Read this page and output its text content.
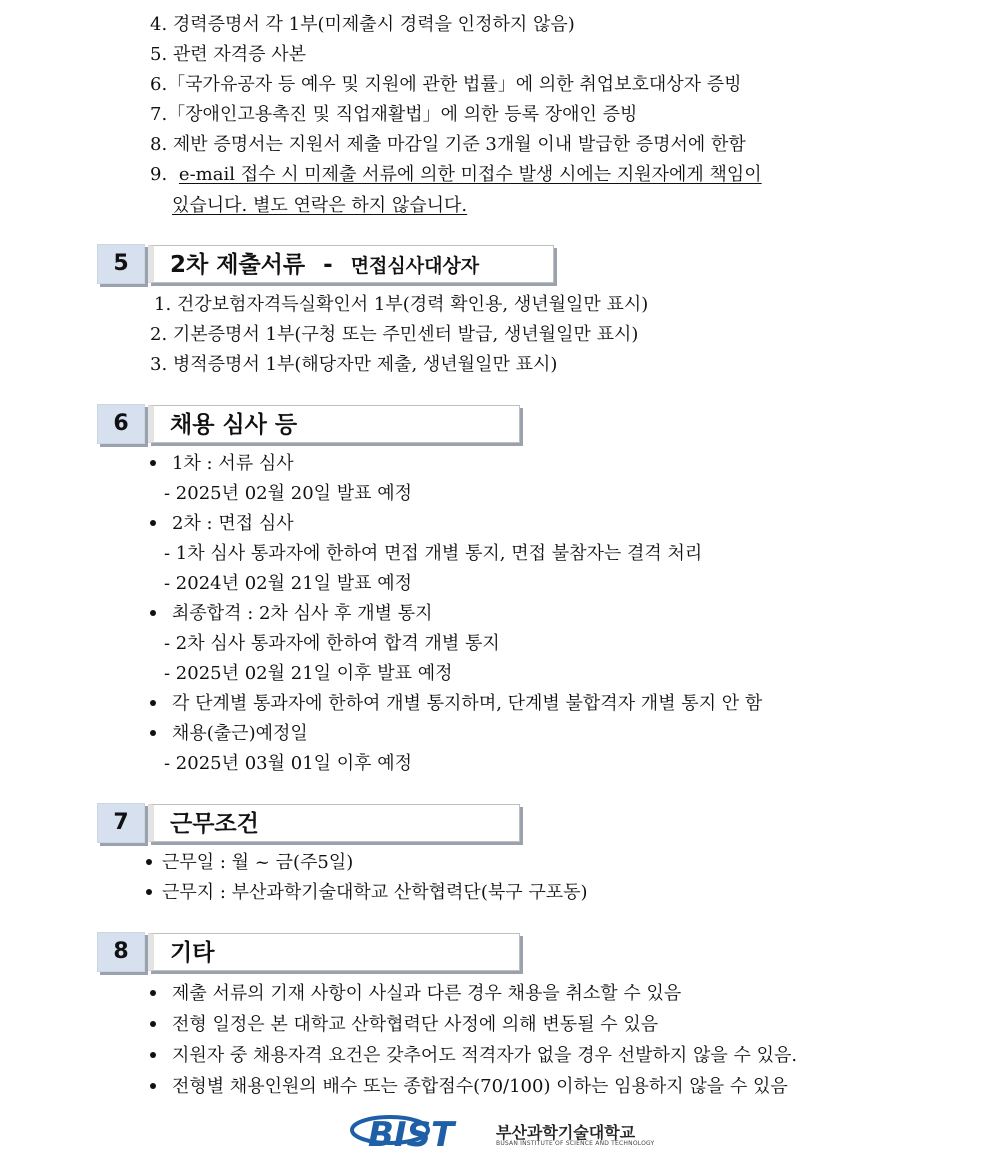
4. 경력증명서 각 1부(미제출시 경력을 인정하지 않음)
5. 관련 자격증 사본
6.「국가유공자 등 예우 및 지원에 관한 법률」에 의한 취업보호대상자 증빙
7.「장애인고용촉진 및 직업재활법」에 의한 등록 장애인 증빙
8. 제반 증명서는 지원서 제출 마감일 기준 3개월 이내 발급한 증명서에 한함
9. e-mail 접수 시 미제출 서류에 의한 미접수 발생 시에는 지원자에게 책임이
있습니다. 별도 연락은 하지 않습니다.
5	2차 제출서류 - 면접심사대상자
1. 건강보험자격득실확인서 1부(경력 확인용, 생년월일만 표시)
2. 기본증명서 1부(구청 또는 주민센터 발급, 생년월일만 표시)
3. 병적증명서 1부(해당자만 제출, 생년월일만 표시)
6	채용 심사 등
1차 : 서류 심사
- 2025년 02월 20일 발표 예정
2차 : 면접 심사
- 1차 심사 통과자에 한하여 면접 개별 통지, 면접 불참자는 결격 처리
- 2024년 02월 21일 발표 예정
최종합격 : 2차 심사 후 개별 통지
- 2차 심사 통과자에 한하여 합격 개별 통지
- 2025년 02월 21일 이후 발표 예정
각 단계별 통과자에 한하여 개별 통지하며, 단계별 불합격자 개별 통지 안 함
채용(출근)예정일
- 2025년 03월 01일 이후 예정
7	근무조건
근무일 : 월 ~ 금(주5일)
근무지 : 부산과학기술대학교 산학협력단(북구 구포동)
8	기타
제출 서류의 기재 사항이 사실과 다른 경우 채용을 취소할 수 있음
전형 일정은 본 대학교 산학협력단 사정에 의해 변동될 수 있음
지원자 중 채용자격 요건은 갖추어도 적격자가 없을 경우 선발하지 않을 수 있음.
전형별 채용인원의 배수 또는 종합점수(70/100) 이하는 임용하지 않을 수 있음
BIST	부산과학기술대학교
BUSAN INSTITUTE OF SCIENCE AND TECHNOLOGY
